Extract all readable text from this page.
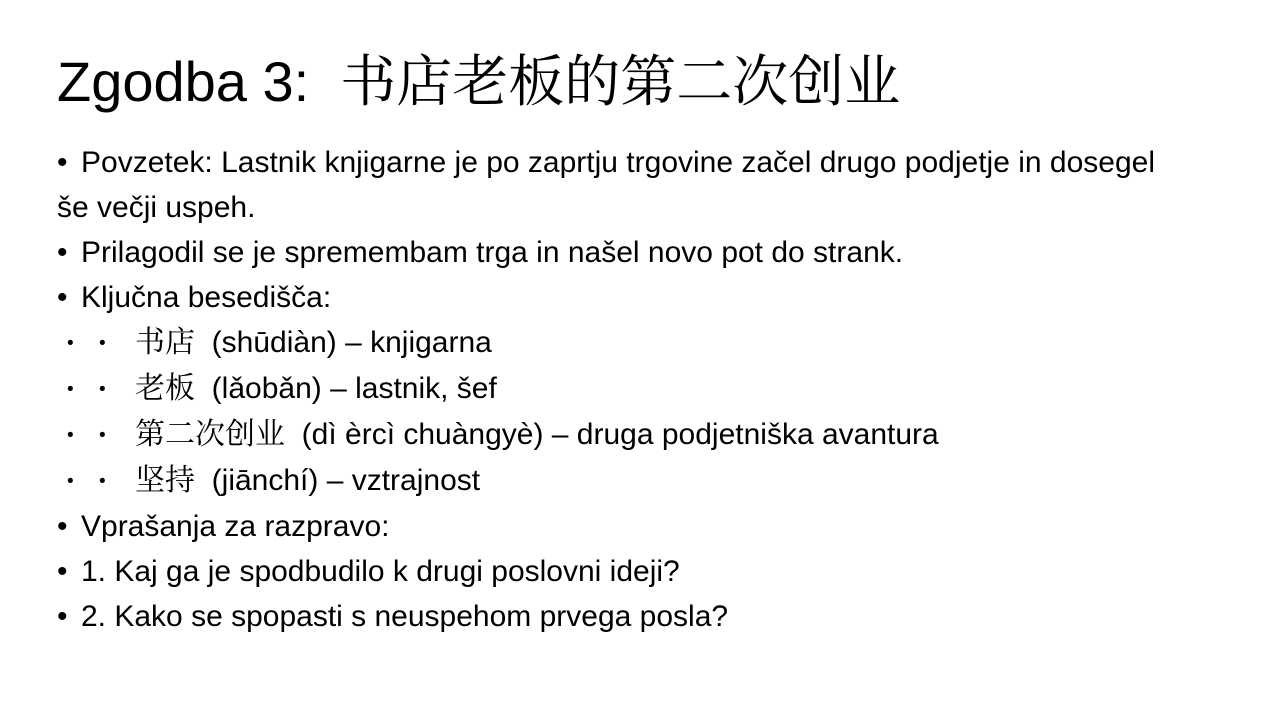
Zgodba 3:  书店老板的第二次创业
• Povzetek: Lastnik knjigarne je po zaprtju trgovine začel drugo podjetje in dosegel še večji uspeh.
• Prilagodil se je spremembam trga in našel novo pot do strank.
• Ključna besedišča:
• • 书店  (shūdiàn) – knjigarna
• • 老板  (lǎobǎn) – lastnik, šef
• • 第二次创业  (dì èrcì chuàngyè) – druga podjetniška avantura
• • 坚持  (jiānchí) – vztrajnost
• Vprašanja za razpravo:
• 1. Kaj ga je spodbudilo k drugi poslovni ideji?
• 2. Kako se spopasti s neuspehom prvega posla?
